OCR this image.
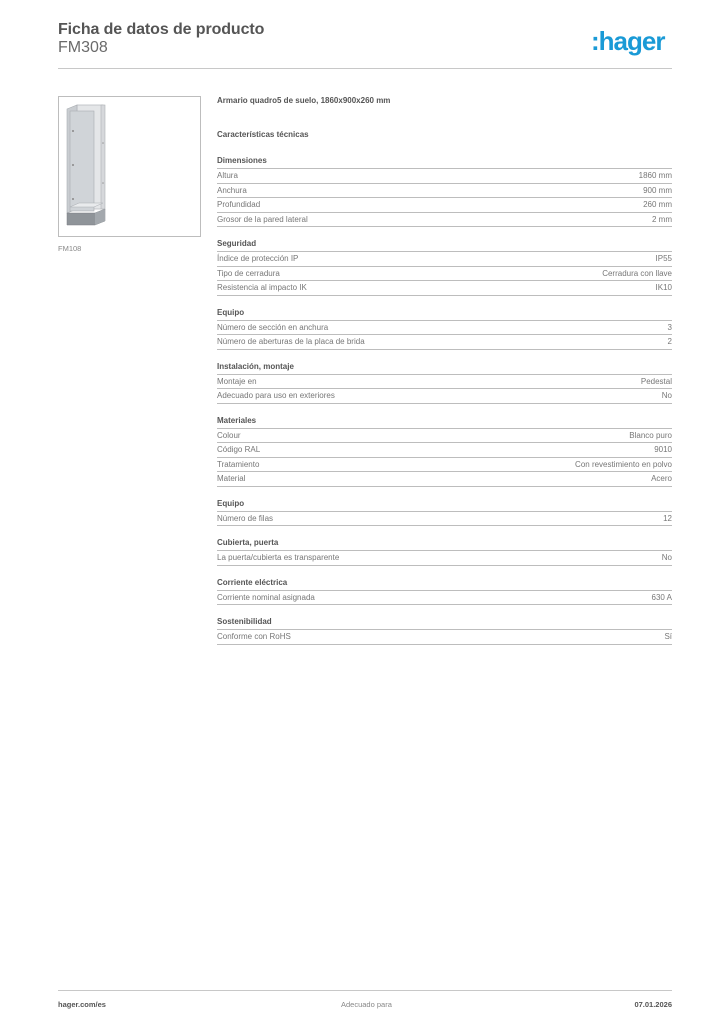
Ficha de datos de producto
FM308	:hager
FM108
Armario quadro5 de suelo, 1860x900x260 mm
Características técnicas
Dimensiones
Altura	1860 mm
Anchura	900 mm
Profundidad	260 mm
Grosor de la pared lateral	2 mm
Seguridad
Índice de protección IP	IP55
Tipo de cerradura	Cerradura con llave
Resistencia al impacto IK	IK10
Equipo
Número de sección en anchura	3
Número de aberturas de la placa de brida	2
Instalación, montaje
Montaje en	Pedestal
Adecuado para uso en exteriores	No
Materiales
Colour	Blanco puro
Código RAL	9010
Tratamiento	Con revestimiento en polvo
Material	Acero
Equipo
Número de filas	12
Cubierta, puerta
La puerta/cubierta es transparente	No
Corriente eléctrica
Corriente nominal asignada	630 A
Sostenibilidad
Conforme con RoHS	Sí
hager.com/es	Adecuado para	07.01.2026
